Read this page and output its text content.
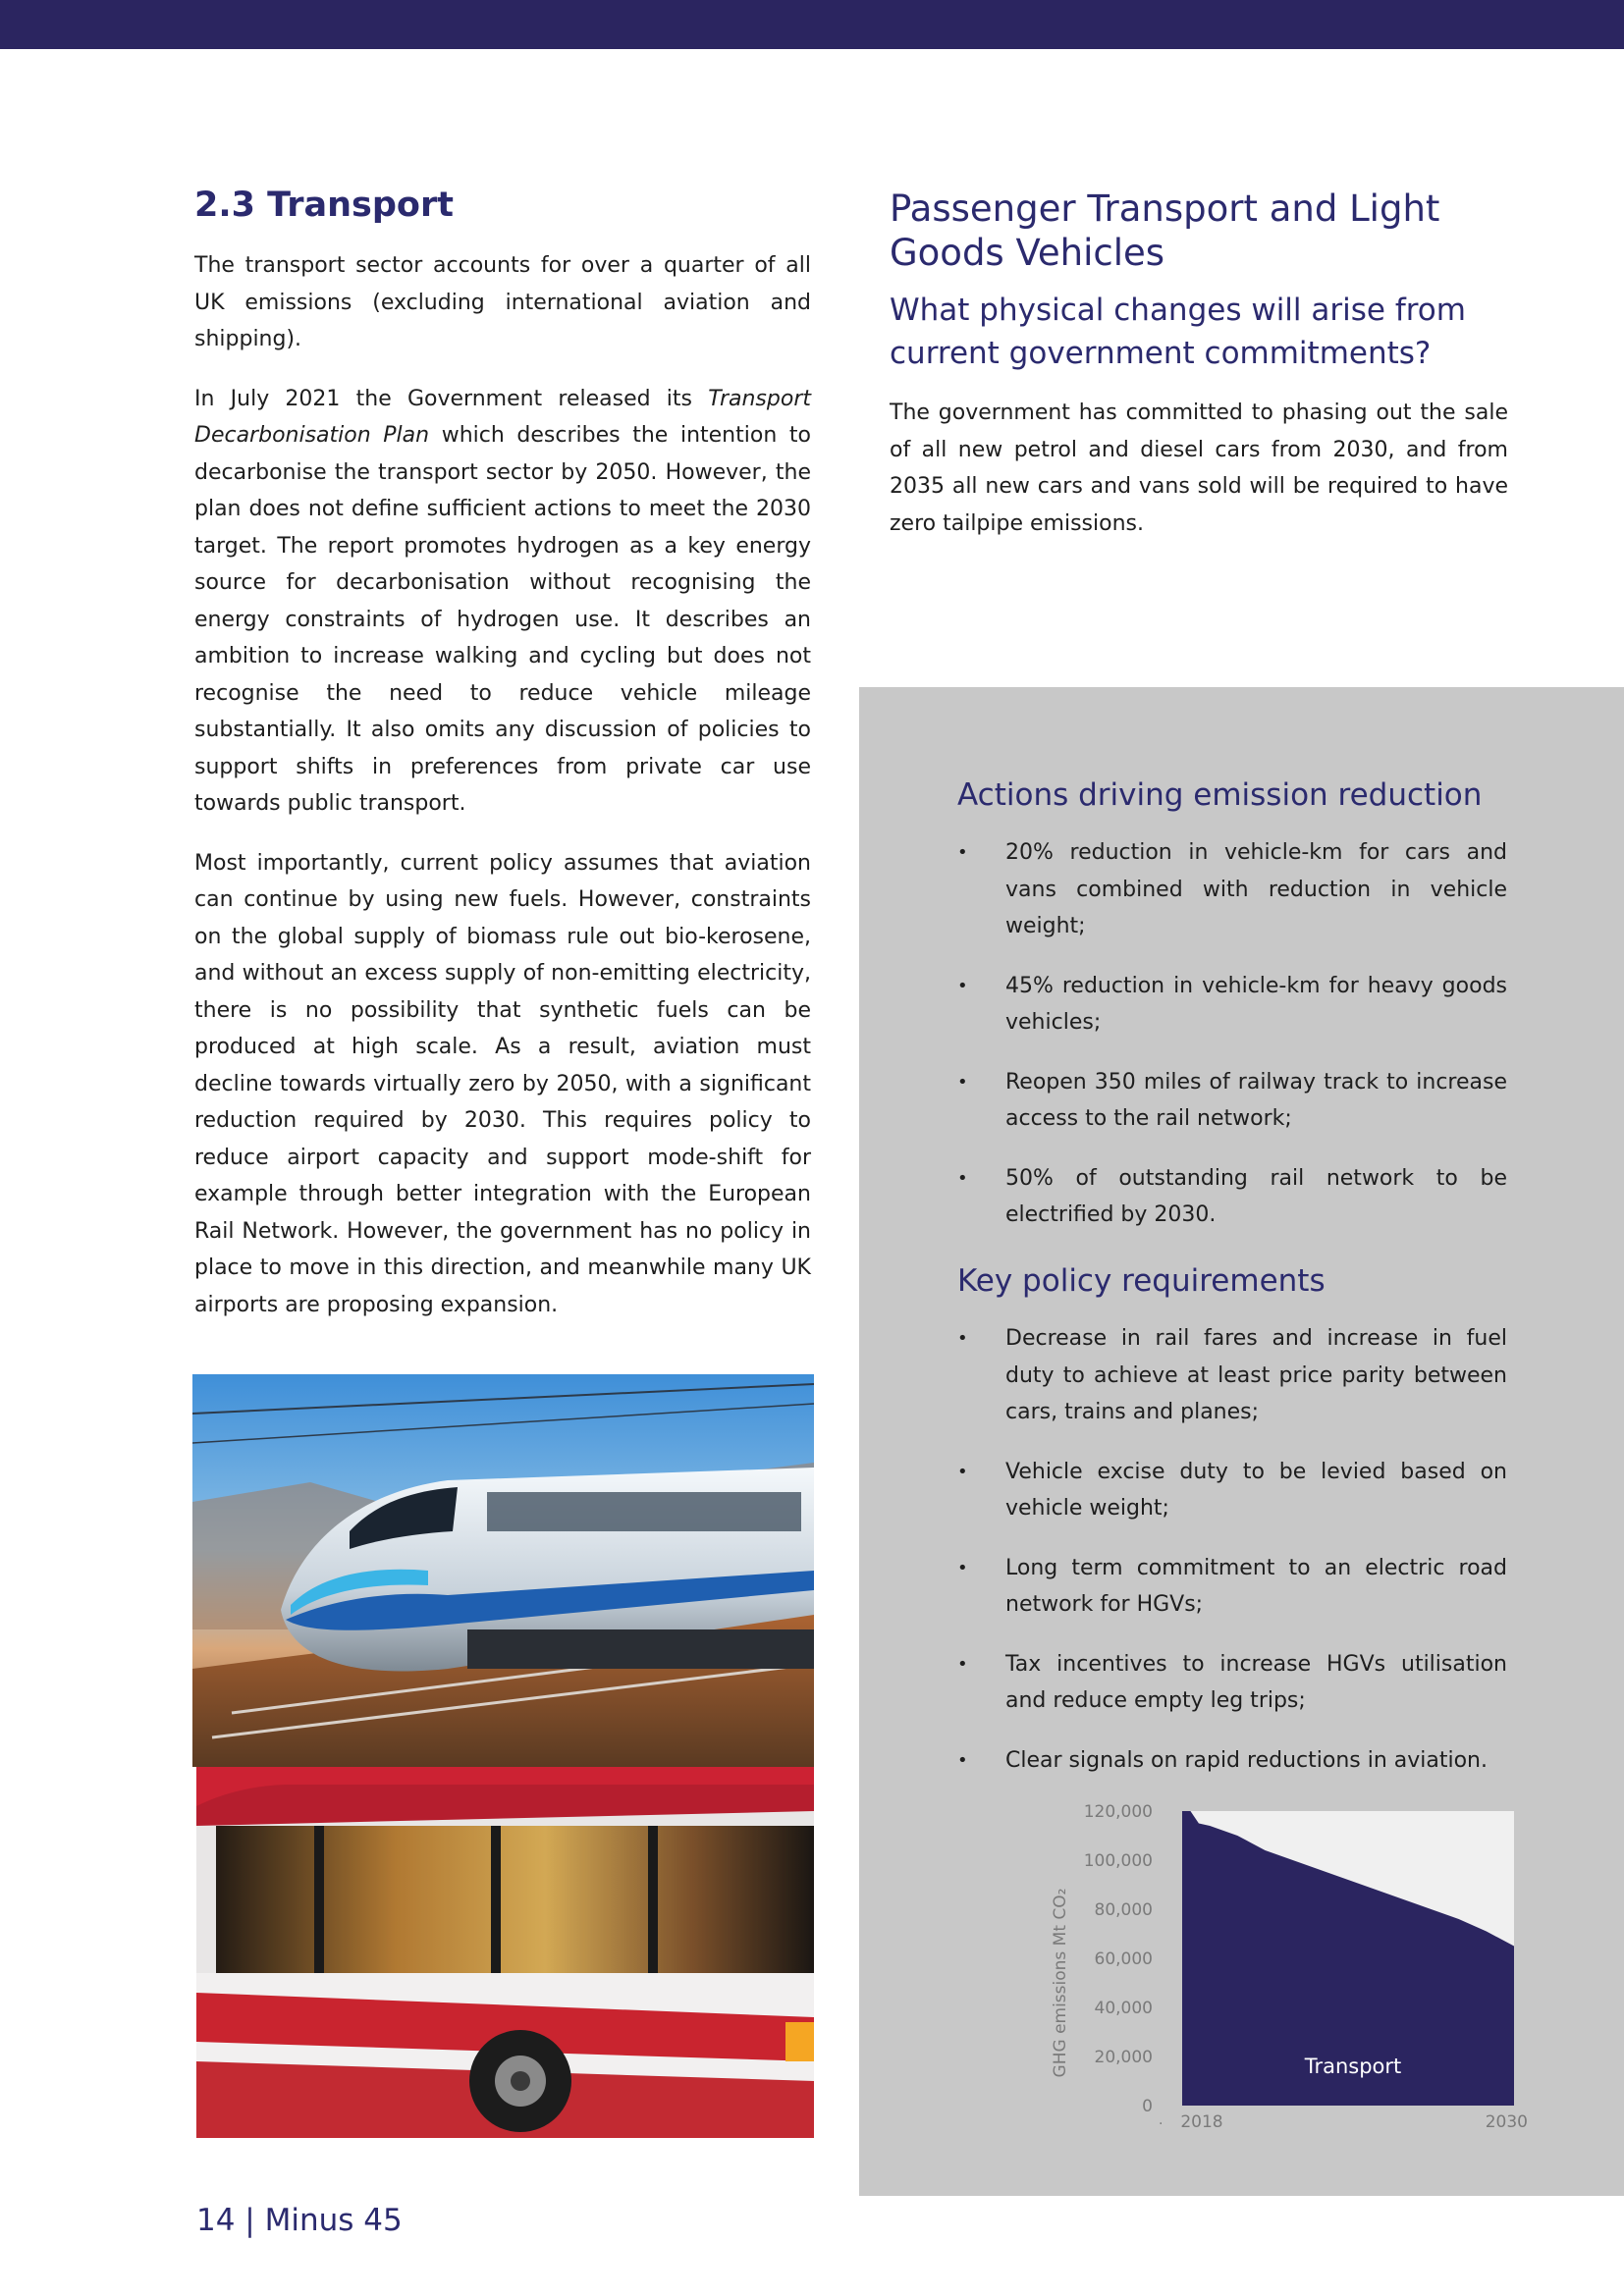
2.3 Transport

The transport sector accounts for over a quarter of all UK emissions (excluding international aviation and shipping).

In July 2021 the Government released its Transport Decarbonisation Plan which describes the intention to decarbonise the transport sector by 2050. However, the plan does not define sufficient actions to meet the 2030 target. The report promotes hydrogen as a key energy source for decarbonisation without recognising the energy constraints of hydrogen use. It describes an ambition to increase walking and cycling but does not recognise the need to reduce vehicle mileage substantially. It also omits any discussion of policies to support shifts in preferences from private car use towards public transport.

Most importantly, current policy assumes that aviation can continue by using new fuels. However, constraints on the global supply of biomass rule out bio-kerosene, and without an excess supply of non-emitting electricity, there is no possibility that synthetic fuels can be produced at high scale. As a result, aviation must decline towards virtually zero by 2050, with a significant reduction required by 2030. This requires policy to reduce airport capacity and support mode-shift for example through better integration with the European Rail Network. However, the government has no policy in place to move in this direction, and meanwhile many UK airports are proposing expansion.

Passenger Transport and Light Goods Vehicles
What physical changes will arise from current government commitments?

The government has committed to phasing out the sale of all new petrol and diesel cars from 2030, and from 2035 all new cars and vans sold will be required to have zero tailpipe emissions.

Actions driving emission reduction
• 20% reduction in vehicle-km for cars and vans combined with reduction in vehicle weight;
• 45% reduction in vehicle-km for heavy goods vehicles;
• Reopen 350 miles of railway track to increase access to the rail network;
• 50% of outstanding rail network to be electrified by 2030.
Key policy requirements
• Decrease in rail fares and increase in fuel duty to achieve at least price parity between cars, trains and planes;
• Vehicle excise duty to be levied based on vehicle weight;
• Long term commitment to an electric road network for HGVs;
• Tax incentives to increase HGVs utilisation and reduce empty leg trips;
• Clear signals on rapid reductions in aviation.
GHG emissions Mt CO₂
0
20,000
40,000
60,000
80,000
100,000
120,000
2018	2030
Transport
.
14 | Minus 45
